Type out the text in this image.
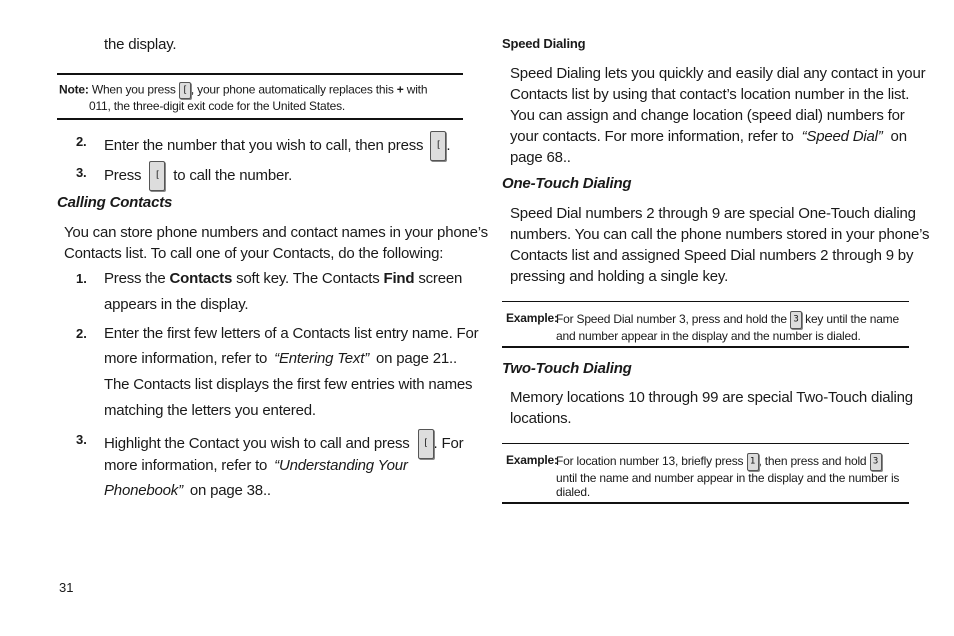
the display.
Note: When you press [ , your phone automatically replaces this + with
011, the three-digit exit code for the United States.
2. Enter the number that you wish to call, then press [ .
3. Press [ to call the number.
Calling Contacts
You can store phone numbers and contact names in your phone’s
Contacts list. To call one of your Contacts, do the following:
1. Press the Contacts soft key. The Contacts Find screen
appears in the display.
2. Enter the first few letters of a Contacts list entry name. For
more information, refer to “Entering Text” on page 21..
The Contacts list displays the first few entries with names
matching the letters you entered.
3. Highlight the Contact you wish to call and press [ . For
more information, refer to “Understanding Your
Phonebook” on page 38..
31
Speed Dialing
Speed Dialing lets you quickly and easily dial any contact in your
Contacts list by using that contact’s location number in the list.
You can assign and change location (speed dial) numbers for
your contacts. For more information, refer to “Speed Dial” on
page 68..
One-Touch Dialing
Speed Dial numbers 2 through 9 are special One-Touch dialing
numbers. You can call the phone numbers stored in your phone’s
Contacts list and assigned Speed Dial numbers 2 through 9 by
pressing and holding a single key.
Example:
For Speed Dial number 3, press and hold the 3 key until the name
and number appear in the display and the number is dialed.
Two-Touch Dialing
Memory locations 10 through 99 are special Two-Touch dialing
locations.
Example:
For location number 13, briefly press 1 , then press and hold 3
until the name and number appear in the display and the number is
dialed.
